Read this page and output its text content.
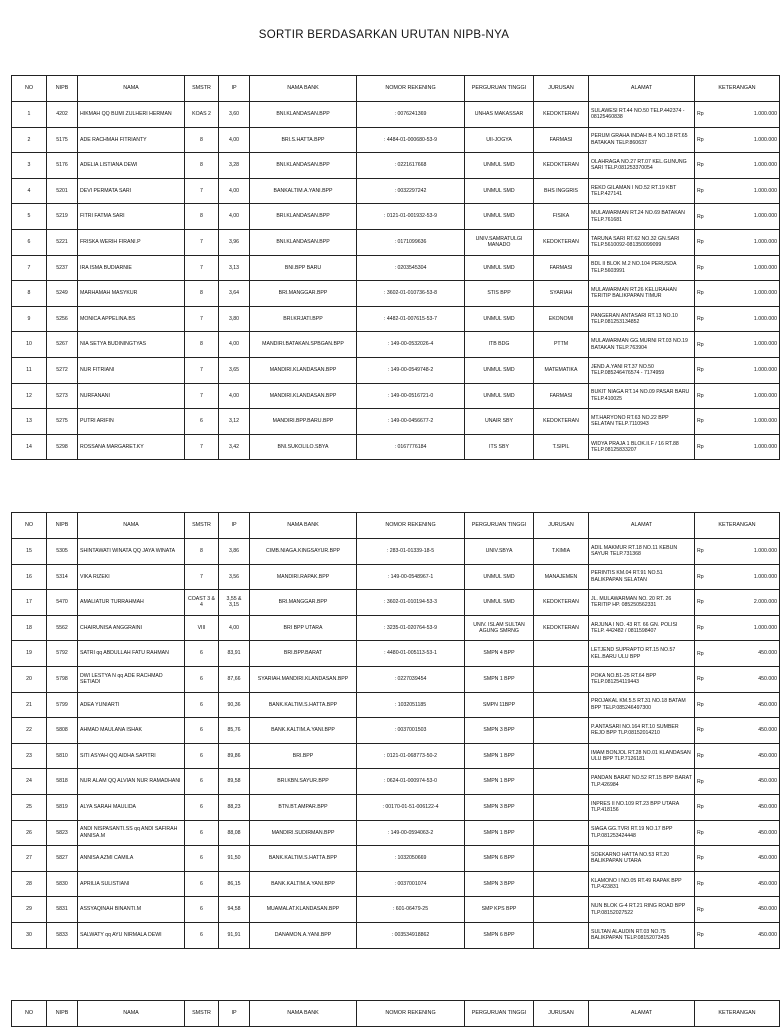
SORTIR BERDASARKAN URUTAN NIPB-NYA
NO	NIPB	NAMA	SMSTR	IP	NAMA BANK	NOMOR REKENING	PERGURUAN TINGGI	JURUSAN	ALAMAT	KETERANGAN
1	4202	HIKMAH QQ BUMI ZULHERI HERMAN	KOAS 2	3,60	BNI.KLANDASAN.BPP	: 0076241369	UNHAS MAKASSAR	KEDOKTERAN	SULAWESI RT.44 NO.50 TELP.442374 - 08125460838	Rp 1.000.000

2	5175	ADE RACHMAH FITRIANTY	8	4,00	BRI.S.HATTA.BPP	: 4484-01-000680-53-9	UII-JOGYA	FARMASI	PERUM GRAHA INDAH B.4 NO.18 RT.65 BATAKAN TELP.860637	Rp 1.000.000

3	5176	ADELIA LISTIANA DEWI	8	3,28	BNI.KLANDASAN.BPP	: 0221617668	UNMUL SMD	KEDOKTERAN	OLAHRAGA NO.27 RT.07 KEL.GUNUNG SARI TELP.081253370054	Rp 1.000.000

4	5201	DEVI PERMATA SARI	7	4,00	BANKALTIM.A.YANI.BPP	: 0032297242	UNMUL SMD	BHS INGGRIS	REKO GILAMAN I NO.52 RT.19 KBT TELP.427141	Rp 1.000.000

5	5219	FITRI FATMA SARI	8	4,00	BRI.KLANDASAN.BPP	: 0121-01-001932-53-9	UNMUL SMD	FISIKA	MULAWARMAN RT.24 NO.69 BATAKAN TELP.761681	Rp 1.000.000

6	5221	FRISKA WERIH FIRANI.P	7	3,96	BNI.KLANDASAN.BPP	: 0171099636	UNIV.SAMRATULGI MANADO	KEDOKTERAN	TARUNA SARI RT.62 NO.32 GN.SARI TELP.5610092-081350099099	Rp 1.000.000

7	5237	IRA ISMA BUDIARNIE	7	3,13	BNI.BPP BARU	: 0203545304	UNMUL SMD	FARMASI	BDL II BLOK M.2 NO.104 PERUSDA TELP.5603991	Rp 1.000.000

8	5249	MARHAMAH MASYKUR	8	3,64	BRI.MANGGAR.BPP	: 3602-01-010736-53-8	STIS BPP	SYARIAH	MULAWARMAN RT.26 KELURAHAN TERITIP BALIKPAPAN TIMUR	Rp 1.000.000

9	5256	MONICA APPELINA.BS	7	3,80	BRI.KRJATI.BPP	: 4482-01-007615-53-7	UNMUL SMD	EKONOMI	PANGERAN ANTASARI RT.13 NO.10 TELP.081253134852	Rp 1.000.000

10	5267	NIA SETYA BUDININGTYAS	8	4,00	MANDIRI.BATAKAN.SPBGAN.BPP	: 149-00-0532026-4	ITB BDG	PTTM	MULAWARMAN GG.MURNI RT.03 NO.19 BATAKAN TELP.763904	Rp 1.000.000

11	5272	NUR FITRIANI	7	3,65	MANDIRI.KLANDASAN.BPP	: 149-00-0549748-2	UNMUL SMD	MATEMATIKA	JEND.A.YANI RT.37 NO.50 TELP.085246476574 - 7174959	Rp 1.000.000

12	5273	NURFANANI	7	4,00	MANDIRI.KLANDASAN.BPP	: 149-00-0516721-0	UNMUL SMD	FARMASI	BUKIT NIAGA RT.14 NO.09 PASAR BARU TELP.410025	Rp 1.000.000

13	5275	PUTRI ARIFIN	6	3,12	MANDIRI.BPP.BARU.BPP	: 149-00-0456677-2	UNAIR SBY	KEDOKTERAN	MT.HARYONO RT.63 NO.22 BPP SELATAN TELP.7110943	Rp 1.000.000

14	5298	ROSSANA MARGARET.KY	7	3,42	BNI.SUKOLILO.SBYA	: 0167776184	ITS SBY	T.SIPIL	WIDYA PRAJA 1 BLOK.II.F / 16 RT.88 TELP.08125833207	Rp 1.000.000
NO	NIPB	NAMA	SMSTR	IP	NAMA BANK	NOMOR REKENING	PERGURUAN TINGGI	JURUSAN	ALAMAT	KETERANGAN
15	5305	SHINTAWATI WINATA QQ JAYA WINATA	8	3,86	CIMB.NIAGA.KINGSAYUR.BPP	: 283-01-01339-18-5	UNIV.SBYA	T.KIMIA	ADIL MAKMUR RT.18 NO.11 KEBUN SAYUR TELP.731368	Rp 1.000.000

16	5314	VIKA RIZEKI	7	3,56	MANDIRI.RAPAK.BPP	: 149-00-0548967-1	UNMUL SMD	MANAJEMEN	PERINTIS KM.04 RT.91 NO.51 BALIKPAPAN SELATAN	Rp 1.000.000

17	5470	AMALIATUR TURRAHMAH	COAST 3 & 4	3,55 & 3,15	BRI.MANGGAR.BPP	: 3602-01-010194-53-3	UNMUL SMD	KEDOKTERAN	JL. MULAWARMAN NO. 20 RT. 26 TERITIP HP. 085250562331	Rp 2.000.000

18	5562	CHAIRUNISA ANGGRAINI	VIII	4,00	BRI BPP UTARA	: 3235-01-020764-53-9	UNIV. ISLAM SULTAN AGUNG SMRNG	KEDOKTERAN	ARJUNA I NO. 43 RT. 66 GN. POLISI TELP. 442482 / 0811598407	Rp 1.000.000

19	5792	SATRI qq ABDULLAH FATU RAHMAN	6	83,91	BRI.BPP.BARAT	: 4480-01-005113-53-1	SMPN 4 BPP		LETJEND SUPRAPTO RT.15 NO.57 KEL.BARU ULU BPP	Rp 450.000

20	5798	DWI LESTYA N qq ADE RACHMAD SETIADI	6	87,66	SYARIAH.MANDIRI.KLANDASAN.BPP	: 0227039454	SMPN 1 BPP		POKA NO.B1-25 RT.64 BPP TELP.081254119443	Rp 450.000

21	5799	ADEA YUNIARTI	6	90,36	BANK.KALTIM.S.HATTA.BPP	: 1032051185	SMPN 11BPP		PROJAKAL KM.5.5 RT.31 NO.18 BATAM BPP TELP.085246497300	Rp 450.000

22	5808	AHMAD MAULANA ISHAK	6	85,76	BANK.KALTIM.A.YANI.BPP	: 0037001503	SMPN 3 BPP		P.ANTASARI NO.164 RT.10 SUMBER REJO BPP TLP.08152014210	Rp 450.000

23	5810	SITI ASYAH QQ AIDHA SAPITRI	6	89,86	BRI.BPP	: 0121-01-068773-50-2	SMPN 1 BPP		IMAM BONJOL RT.28 NO.01 KLANDASAN ULU BPP TLP.7126181	Rp 450.000

24	5818	NUR ALAM QQ ALVIAN NUR RAMADHANI	6	89,58	BRI.KBN.SAYUR.BPP	: 0624-01-000974-53-0	SMPN 1 BPP		PANDAN BARAT NO.52 RT.15 BPP BARAT TLP.426984	Rp 450.000

25	5819	ALYA SARAH MAULIDA	6	88,23	BTN.BT.AMPAR.BPP	: 00170-01-51-006122-4	SMPN 3 BPP		INPRES II NO.109 RT.23 BPP UTARA TLP.418156	Rp 450.000

26	5823	ANDI NISPASANTI.SS qq ANDI SAFIRAH ANNISA.M	6	88,08	MANDIRI.SUDIRMAN.BPP	: 149-00-0594063-2	SMPN 1 BPP		SIAGA GG.TVRI RT.19 NO.17 BPP TLP.081253424448	Rp 450.000

27	5827	ANNISA AZMI CAMILA	6	91,50	BANK.KALTIM.S.HATTA.BPP	: 1032050669	SMPN 6 BPP		SOEKARNO HATTA NO.53 RT.20 BALIKPAPAN UTARA	Rp 450.000

28	5830	APRILIA SULISTIANI	6	86,15	BANK.KALTIM.A.YANI.BPP	: 0037001074	SMPN 3 BPP		KLAMONO I NO.05 RT.49 RAPAK BPP TLP.423831	Rp 450.000

29	5831	ASSYAQINAH BINANTI.M	6	94,58	MUAMALAT.KLANDASAN.BPP	: 601-06479-25	SMP KPS BPP		NUN BLOK G-4 RT.21 RING ROAD BPP TLP.08152027522	Rp 450.000

30	5833	SALWATY qq AYU NIRMALA DEWI	6	91,91	DANAMON.A.YANI.BPP	: 003534918862	SMPN 6 BPP		SULTAN ALAUDIN RT.03 NO.75 BALIKPAPAN TELP.08152073435	Rp 450.000
NO	NIPB	NAMA	SMSTR	IP	NAMA BANK	NOMOR REKENING	PERGURUAN TINGGI	JURUSAN	ALAMAT	KETERANGAN
